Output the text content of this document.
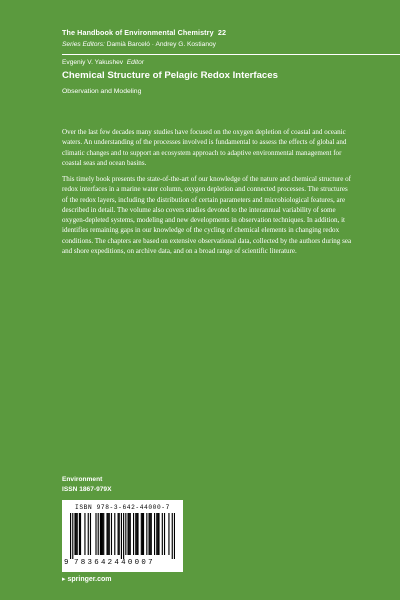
The Handbook of Environmental Chemistry 22
Series Editors: Damià Barceló · Andrey G. Kostianoy
Evgeniy V. Yakushev Editor
Chemical Structure of Pelagic Redox Interfaces
Observation and Modeling

Over the last few decades many studies have focused on the oxygen depletion of coastal and oceanic waters. An understanding of the processes involved is fundamental to assess the effects of global and climatic changes and to support an ecosystem approach to adaptive environmental management for coastal seas and ocean basins.

This timely book presents the state-of-the-art of our knowledge of the nature and chemical structure of redox interfaces in a marine water column, oxygen depletion and connected processes. The structures of the redox layers, including the distribution of certain parameters and microbiological features, are described in detail. The volume also covers studies devoted to the interannual variability of some oxygen-depleted systems, modeling and new developments in observation techniques. In addition, it identifies remaining gaps in our knowledge of the cycling of chemical elements in changing redox conditions. The chapters are based on extensive observational data, collected by the authors during sea and shore expeditions, on archive data, and on a broad range of scientific literature.

Environment
ISSN 1867-979X
ISBN 978-3-642-44000-7
9 783642440007
▸ springer.com
